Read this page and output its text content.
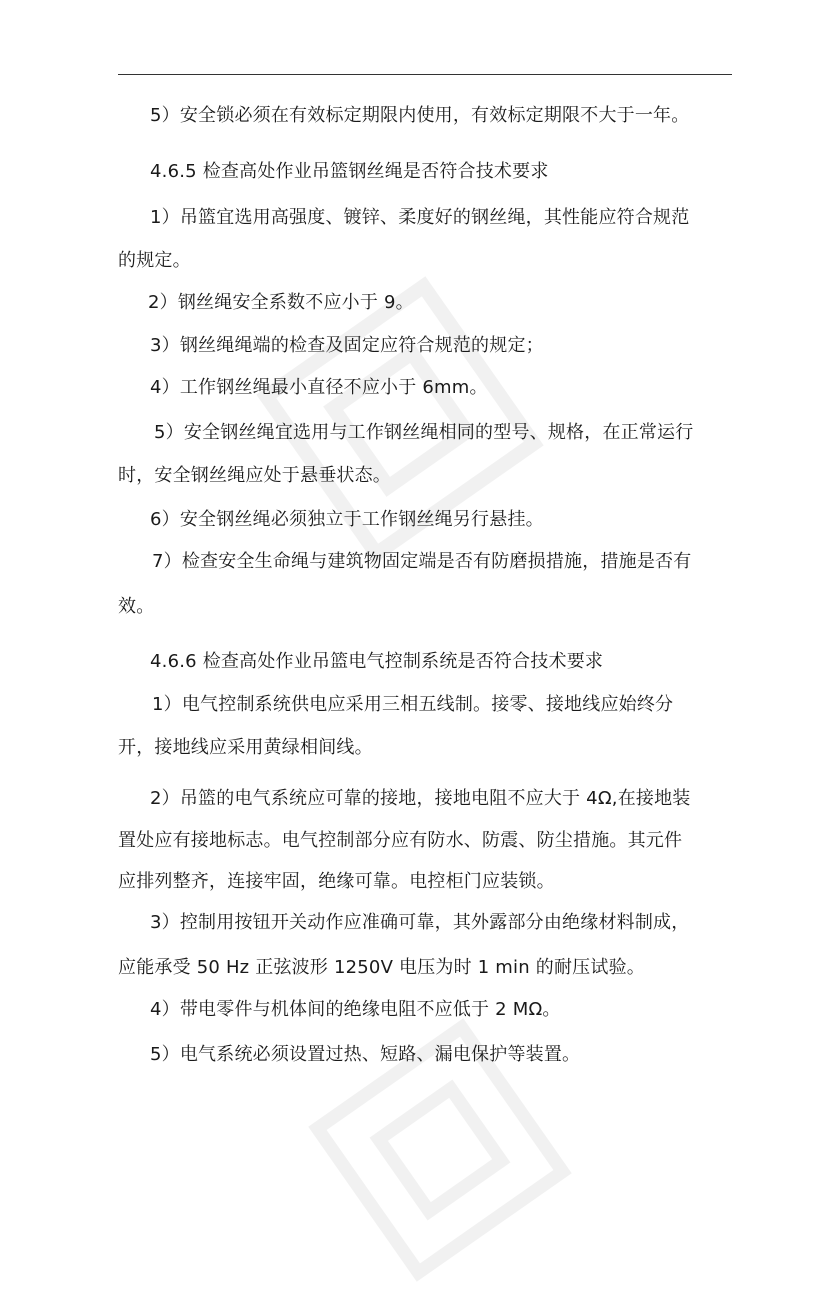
5）安全锁必须在有效标定期限内使用，有效标定期限不大于一年。
4.6.5 检查高处作业吊篮钢丝绳是否符合技术要求
1）吊篮宜选用高强度、镀锌、柔度好的钢丝绳，其性能应符合规范
的规定。
2）钢丝绳安全系数不应小于 9。
3）钢丝绳绳端的检查及固定应符合规范的规定；
4）工作钢丝绳最小直径不应小于 6mm。
5）安全钢丝绳宜选用与工作钢丝绳相同的型号、规格，在正常运行
时，安全钢丝绳应处于悬垂状态。
6）安全钢丝绳必须独立于工作钢丝绳另行悬挂。
7）检查安全生命绳与建筑物固定端是否有防磨损措施，措施是否有
效。
4.6.6 检查高处作业吊篮电气控制系统是否符合技术要求
1）电气控制系统供电应采用三相五线制。接零、接地线应始终分
开，接地线应采用黄绿相间线。
2）吊篮的电气系统应可靠的接地，接地电阻不应大于 4Ω,在接地装
置处应有接地标志。电气控制部分应有防水、防震、防尘措施。其元件
应排列整齐，连接牢固，绝缘可靠。电控柜门应装锁。
3）控制用按钮开关动作应准确可靠，其外露部分由绝缘材料制成，
应能承受 50 Hz 正弦波形 1250V 电压为时 1 min 的耐压试验。
4）带电零件与机体间的绝缘电阻不应低于 2 MΩ。
5）电气系统必须设置过热、短路、漏电保护等装置。
